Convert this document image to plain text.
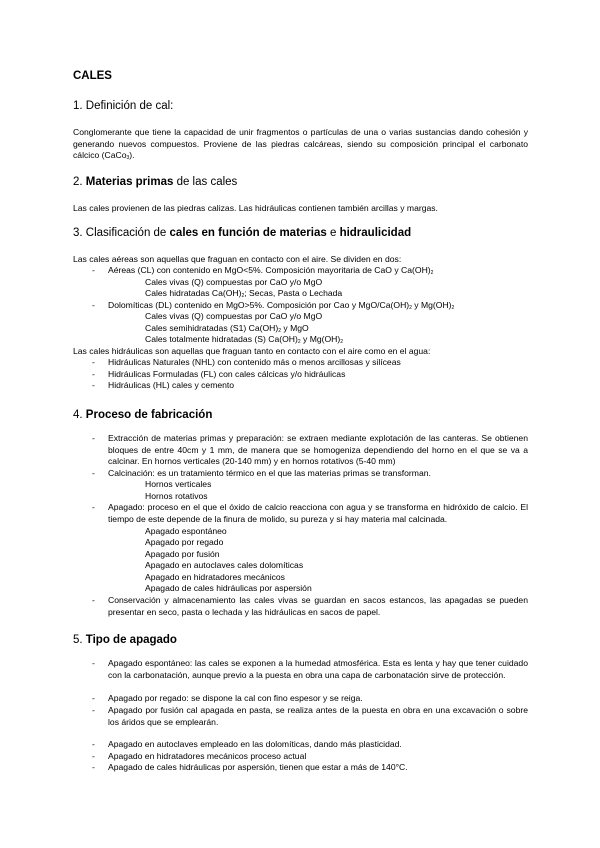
CALES
1. Definición de cal:
Conglomerante que tiene la capacidad de unir fragmentos o partículas de una o varias sustancias dando cohesión y generando nuevos compuestos. Proviene de las piedras calcáreas, siendo su composición principal el carbonato cálcico (CaCo$_3$).
2. Materias primas de las cales
Las cales provienen de las piedras calizas. Las hidráulicas contienen también arcillas y margas.
3. Clasificación de cales en función de materias e hidraulicidad
Las cales aéreas son aquellas que fraguan en contacto con el aire. Se dividen en dos:
- Aéreas (CL) con contenido en MgO<5%. Composición mayoritaria de CaO y $Ca(OH)_2$
Cales vivas (Q) compuestas por CaO y/o MgO
Cales hidratadas $Ca(OH)_2$; Secas, Pasta o Lechada
- Dolomíticas (DL) contenido en MgO>5%. Composición por Cao y MgO/$Ca(OH)_2$ y $Mg(OH)_2$
Cales vivas (Q) compuestas por CaO y/o MgO
Cales semihidratadas (S1) $Ca(OH)_2$ y MgO
Cales totalmente hidratadas (S) $Ca(OH)_2$ y $Mg(OH)_2$
Las cales hidráulicas son aquellas que fraguan tanto en contacto con el aire como en el agua:
- Hidráulicas Naturales (NHL) con contenido más o menos arcillosas y silíceas
- Hidráulicas Formuladas (FL) con cales cálcicas y/o hidráulicas
- Hidráulicas (HL) cales y cemento
4. Proceso de fabricación
- Extracción de materias primas y preparación: se extraen mediante explotación de las canteras. Se obtienen bloques de entre 40cm y 1 mm, de manera que se homogeniza dependiendo del horno en el que se va a calcinar. En hornos verticales (20-140 mm) y en hornos rotativos (5-40 mm)
- Calcinación: es un tratamiento térmico en el que las materias primas se transforman.
Hornos verticales
Hornos rotativos
- Apagado: proceso en el que el óxido de calcio reacciona con agua y se transforma en hidróxido de calcio. El tiempo de este depende de la finura de molido, su pureza y si hay materia mal calcinada.
Apagado espontáneo
Apagado por regado
Apagado por fusión
Apagado en autoclaves cales dolomíticas
Apagado en hidratadores mecánicos
Apagado de cales hidráulicas por aspersión
- Conservación y almacenamiento las cales vivas se guardan en sacos estancos, las apagadas se pueden presentar en seco, pasta o lechada y las hidráulicas en sacos de papel.
5. Tipo de apagado
- Apagado espontáneo: las cales se exponen a la humedad atmosférica. Esta es lenta y hay que tener cuidado con la carbonatación, aunque previo a la puesta en obra una capa de carbonatación sirve de protección.
- Apagado por regado: se dispone la cal con fino espesor y se reiga.
- Apagado por fusión cal apagada en pasta, se realiza antes de la puesta en obra en una excavación o sobre los áridos que se emplearán.
- Apagado en autoclaves empleado en las dolomíticas, dando más plasticidad.
- Apagado en hidratadores mecánicos proceso actual
- Apagado de cales hidráulicas por aspersión, tienen que estar a más de 140°C.
